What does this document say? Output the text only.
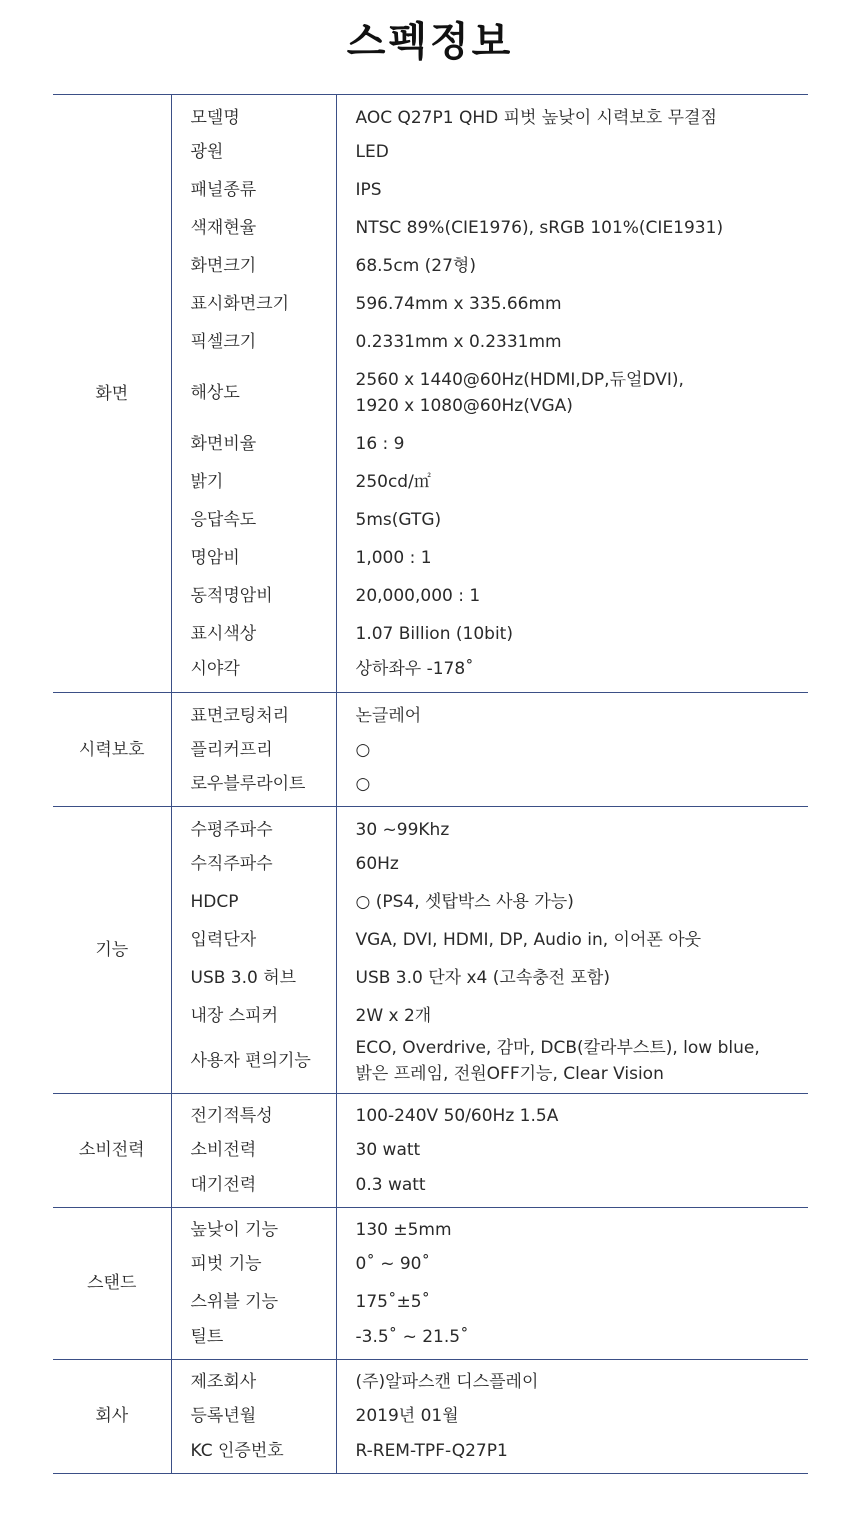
스펙정보
화면	모델명	AOC Q27P1 QHD 피벗 높낮이 시력보호 무결점
	광원	LED
	패널종류	IPS
	색재현율	NTSC 89%(CIE1976), sRGB 101%(CIE1931)
	화면크기	68.5cm (27형)
	표시화면크기	596.74mm x 335.66mm
	픽셀크기	0.2331mm x 0.2331mm
	해상도	2560 x 1440@60Hz(HDMI,DP,듀얼DVI),
1920 x 1080@60Hz(VGA)

	화면비율	16 : 9
	밝기	250cd/㎡
	응답속도	5ms(GTG)
	명암비	1,000 : 1
	동적명암비	20,000,000 : 1
	표시색상	1.07 Billion (10bit)
	시야각	상하좌우 -178˚
시력보호	표면코팅처리	논글레어
	플리커프리	○
	로우블루라이트	○
기능	수평주파수	30 ~99Khz
	수직주파수	60Hz
	HDCP	○ (PS4, 셋탑박스 사용 가능)
	입력단자	VGA, DVI, HDMI, DP, Audio in, 이어폰 아웃
	USB 3.0 허브	USB 3.0 단자 x4 (고속충전 포함)
	내장 스피커	2W x 2개
	사용자 편의기능	ECO, Overdrive, 감마, DCB(칼라부스트), low blue,
밝은 프레임, 전원OFF기능, Clear Vision

소비전력	전기적특성	100-240V 50/60Hz 1.5A
	소비전력	30 watt
	대기전력	0.3 watt
스탠드	높낮이 기능	130 ±5mm
	피벗 기능	0˚ ~ 90˚
	스위블 기능	175˚±5˚
	틸트	-3.5˚ ~ 21.5˚
회사	제조회사	(주)알파스캔 디스플레이
	등록년월	2019년 01월
	KC 인증번호	R-REM-TPF-Q27P1
